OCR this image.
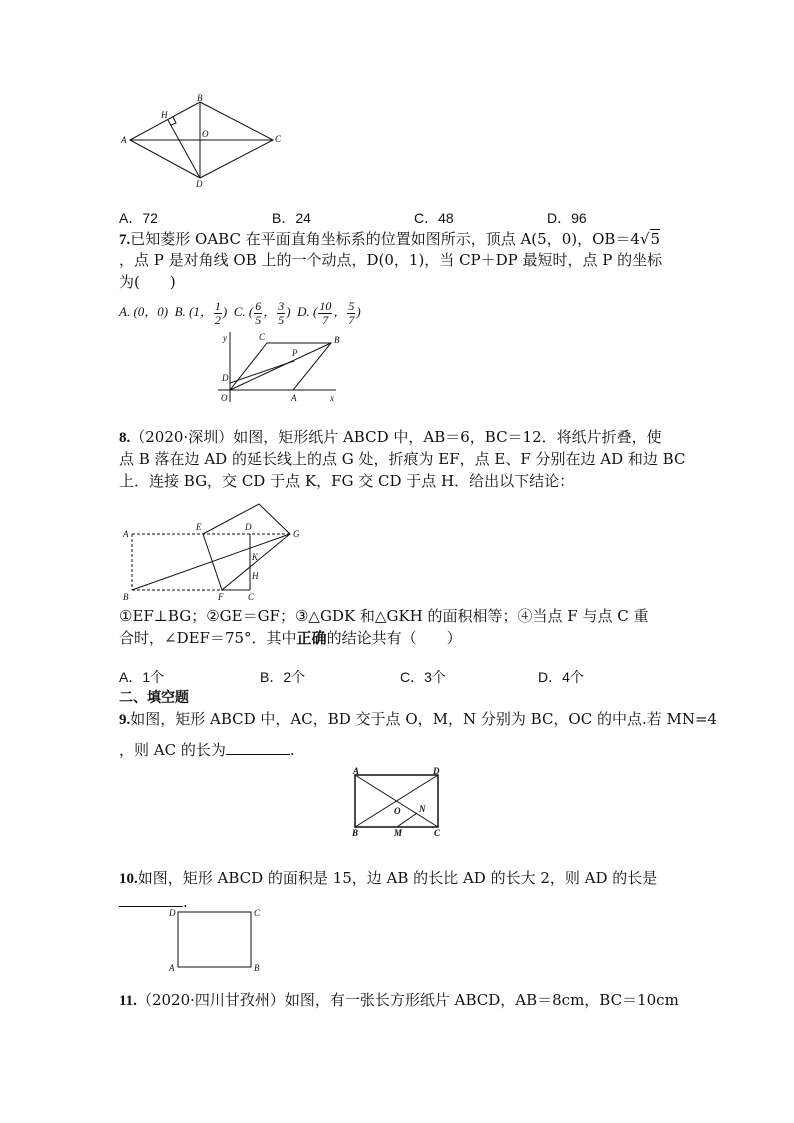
H
B
A
O	C
D
A．72	B．24	C．48	D．96
7.已知菱形 OABC 在平面直角坐标系的位置如图所示，顶点 A(5，0)，OB＝4√5
，点 P 是对角线 OB 上的一个动点，D(0，1)，当 CP＋DP 最短时，点 P 的坐标
为(　　)
A. (0，0) B. (1， $\frac{1}{2}$ ) C. ( $\frac{6}{5}$ ， $\frac{3}{5}$ ) D. ( $\frac{10}{7}$ ， $\frac{5}{7}$ )
y	C
P
B
D
O	A	x
8.（2020·深圳）如图，矩形纸片 ABCD 中，AB＝6，BC＝12．将纸片折叠，使
点 B 落在边 AD 的延长线上的点 G 处，折痕为 EF，点 E、F 分别在边 AD 和边 BC
上．连接 BG，交 CD 于点 K，FG 交 CD 于点 H．给出以下结论：
A
E	D
G
K
H
B	F	C
①EF⊥BG；②GE＝GF；③△GDK 和△GKH 的面积相等；④当点 F 与点 C 重
合时，∠DEF＝75°．其中正确的结论共有（　　）
A．1个	B．2个	C．3个	D．4个
二、填空题
9.如图，矩形 ABCD 中，AC，BD 交于点 O，M，N 分别为 BC，OC 的中点.若 MN=4
，则 AC 的长为	.
A	D
O N
B	M	C
10.如图，矩形 ABCD 的面积是 15，边 AB 的长比 AD 的长大 2，则 AD 的长是
.
D	C
A	B
11.（2020·四川甘孜州）如图，有一张长方形纸片 ABCD，AB＝8cm，BC＝10cm
